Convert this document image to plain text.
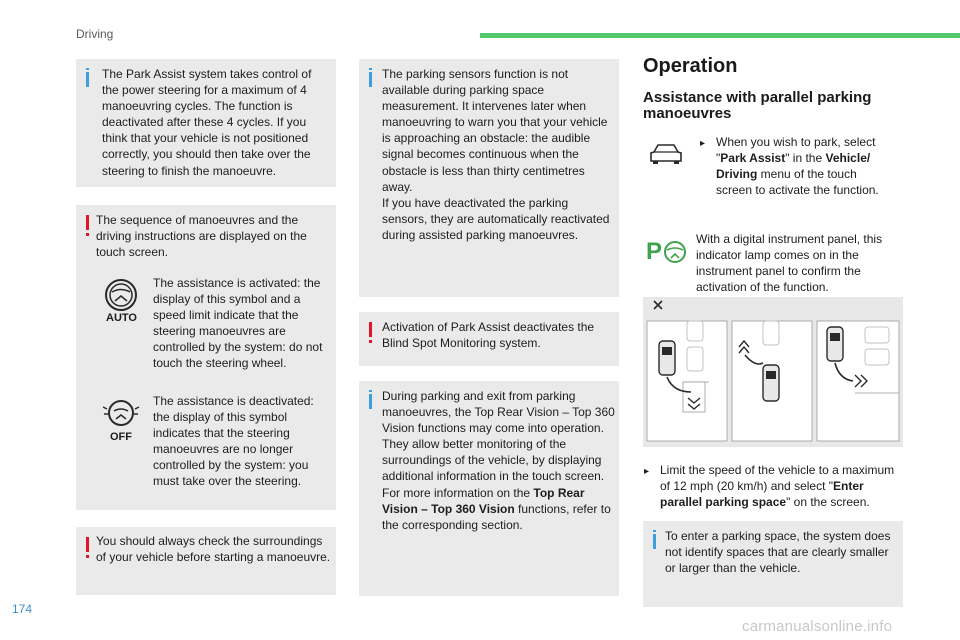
Driving

The Park Assist system takes control of the power steering for a maximum of 4 manoeuvring cycles. The function is deactivated after these 4 cycles. If you think that your vehicle is not positioned correctly, you should then take over the steering to finish the manoeuvre.

The sequence of manoeuvres and the driving instructions are displayed on the touch screen.

AUTO

The assistance is activated: the display of this symbol and a speed limit indicate that the steering manoeuvres are controlled by the system: do not touch the steering wheel.

OFF

The assistance is deactivated: the display of this symbol indicates that the steering manoeuvres are no longer controlled by the system: you must take over the steering.

You should always check the surroundings of your vehicle before starting a manoeuvre.

The parking sensors function is not available during parking space measurement. It intervenes later when manoeuvring to warn you that your vehicle is approaching an obstacle: the audible signal becomes continuous when the obstacle is less than thirty centimetres away.

If you have deactivated the parking sensors, they are automatically reactivated during assisted parking manoeuvres.

Activation of Park Assist deactivates the Blind Spot Monitoring system.

During parking and exit from parking manoeuvres, the Top Rear Vision – Top 360 Vision functions may come into operation. They allow better monitoring of the surroundings of the vehicle, by displaying additional information in the touch screen.

For more information on the Top Rear Vision – Top 360 Vision functions, refer to the corresponding section.

Operation
Assistance with parallel parking manoeuvres
▸ When you wish to park, select "Park Assist" in the Vehicle/ Driving menu of the touch screen to activate the function.

P	With a digital instrument panel, this indicator lamp comes on in the instrument panel to confirm the activation of the function.

▸ Limit the speed of the vehicle to a maximum of 12 mph (20 km/h) and select "Enter parallel parking space" on the screen.

To enter a parking space, the system does not identify spaces that are clearly smaller or larger than the vehicle.

174
carmanualsonline.info
